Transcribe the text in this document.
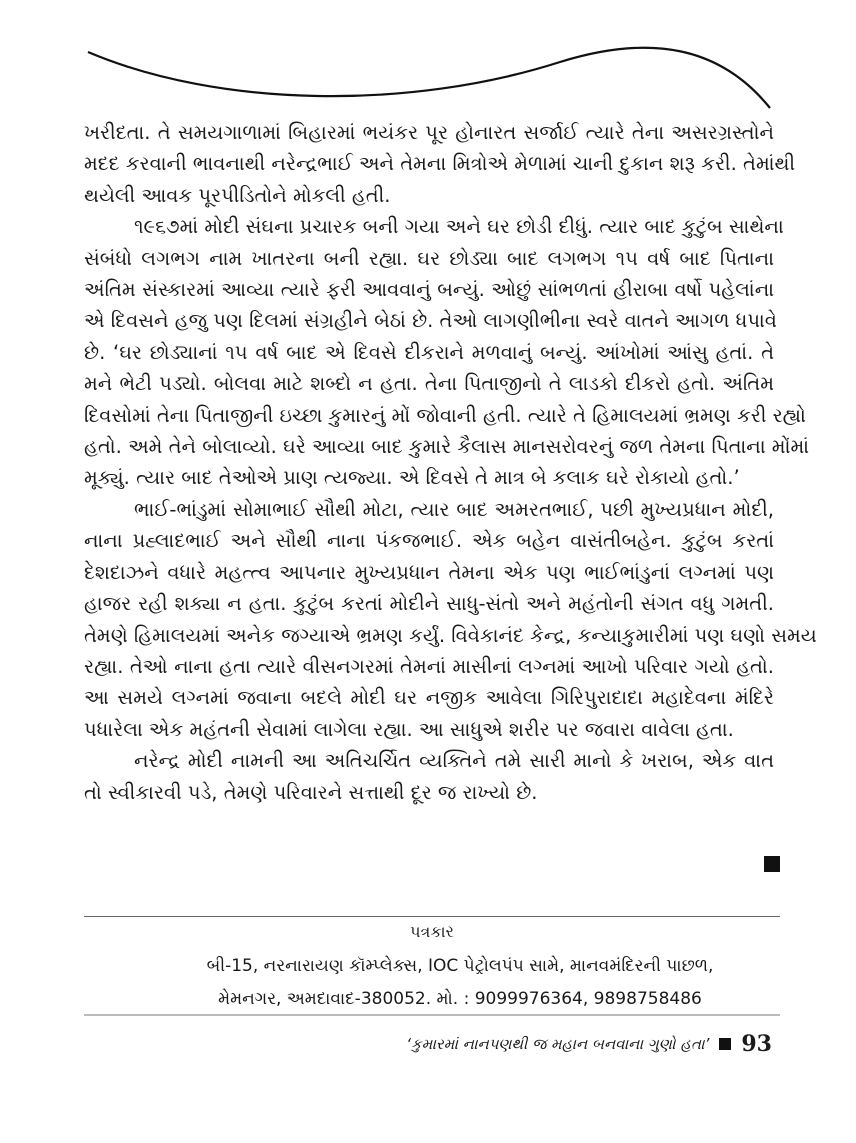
ખરીદતા. તે સમયગાળામાં બિહારમાં ભયંકર પૂર હોનારત સર્જાઈ ત્યારે તેના અસરગ્રસ્તોને
મદદ કરવાની ભાવનાથી નરેન્દ્રભાઈ અને તેમના મિત્રોએ મેળામાં ચાની દુકાન શરૂ કરી. તેમાંથી
થયેલી આવક પૂરપીડિતોને મોકલી હતી.

૧૯૬૭માં મોદી સંઘના પ્રચારક બની ગયા અને ઘર છોડી દીધું. ત્યાર બાદ કુટુંબ સાથેના
સંબંધો લગભગ નામ ખાતરના બની રહ્યા. ઘર છોડ્યા બાદ લગભગ ૧૫ વર્ષ બાદ પિતાના
અંતિમ સંસ્કારમાં આવ્યા ત્યારે ફરી આવવાનું બન્યું. ઓછું સાંભળતાં હીરાબા વર્ષો પહેલાંના
એ દિવસને હજુ પણ દિલમાં સંગ્રહીને બેઠાં છે. તેઓ લાગણીભીના સ્વરે વાતને આગળ ધપાવે
છે. ‘ઘર છોડ્યાનાં ૧૫ વર્ષ બાદ એ દિવસે દીકરાને મળવાનું બન્યું. આંખોમાં આંસુ હતાં. તે
મને ભેટી પડ્યો. બોલવા માટે શબ્દો ન હતા. તેના પિતાજીનો તે લાડકો દીકરો હતો. અંતિમ
દિવસોમાં તેના પિતાજીની ઇચ્છા કુમારનું મોં જોવાની હતી. ત્યારે તે હિમાલયમાં ભ્રમણ કરી રહ્યો
હતો. અમે તેને બોલાવ્યો. ઘરે આવ્યા બાદ કુમારે કૈલાસ માનસરોવરનું જળ તેમના પિતાના મોંમાં
મૂક્યું. ત્યાર બાદ તેઓએ પ્રાણ ત્યજ્યા. એ દિવસે તે માત્ર બે કલાક ઘરે રોકાયો હતો.’

ભાઈ-ભાંડુમાં સોમાભાઈ સૌથી મોટા, ત્યાર બાદ અમરતભાઈ, પછી મુખ્યપ્રધાન મોદી,
નાના પ્રહ્લાદભાઈ અને સૌથી નાના પંકજભાઈ. એક બહેન વાસંતીબહેન. કુટુંબ કરતાં
દેશદાઝને વધારે મહત્ત્વ આપનાર મુખ્યપ્રધાન તેમના એક પણ ભાઈભાંડુનાં લગ્નમાં પણ
હાજર રહી શક્યા ન હતા. કુટુંબ કરતાં મોદીને સાધુ-સંતો અને મહંતોની સંગત વધુ ગમતી.
તેમણે હિમાલયમાં અનેક જગ્યાએ ભ્રમણ કર્યું. વિવેકાનંદ કેન્દ્ર, કન્યાકુમારીમાં પણ ઘણો સમય
રહ્યા. તેઓ નાના હતા ત્યારે વીસનગરમાં તેમનાં માસીનાં લગ્નમાં આખો પરિવાર ગયો હતો.
આ સમયે લગ્નમાં જવાના બદલે મોદી ઘર નજીક આવેલા ગિરિપુરાદાદા મહાદેવના મંદિરે
પધારેલા એક મહંતની સેવામાં લાગેલા રહ્યા. આ સાધુએ શરીર પર જવારા વાવેલા હતા.

નરેન્દ્ર મોદી નામની આ અતિચર્ચિત વ્યક્તિને તમે સારી માનો કે ખરાબ, એક વાત
તો સ્વીકારવી પડે, તેમણે પરિવારને સત્તાથી દૂર જ રાખ્યો છે.

પત્રકાર
બી-15, નરનારાયણ કૉમ્પ્લેક્સ, IOC પેટ્રોલપંપ સામે, માનવમંદિરની પાછળ,
મેમનગર, અમદાવાદ-380052. મો. : 9099976364, 9898758486
‘કુમારમાં નાનપણથી જ મહાન બનવાના ગુણો હતા’ 93
